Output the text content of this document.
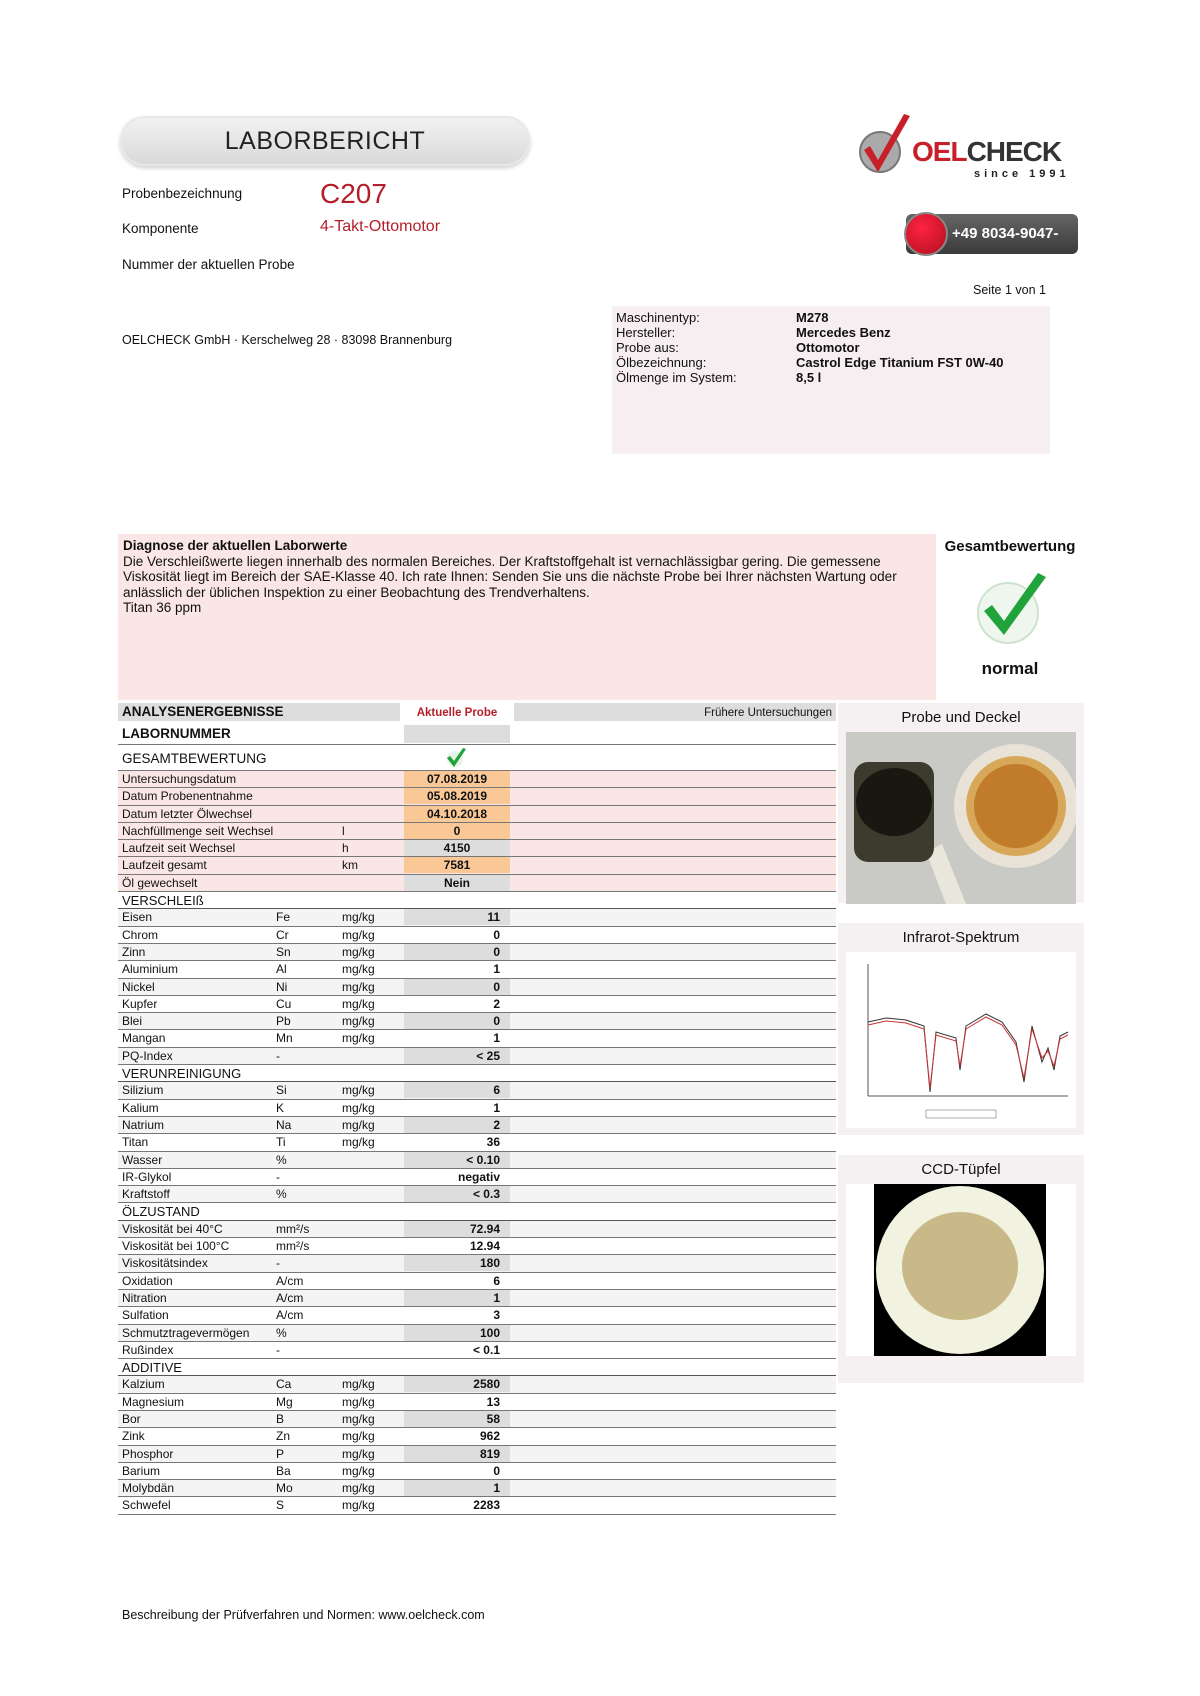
LABORBERICHT
Probenbezeichnung	C207
Komponente	4-Takt-Ottomotor
Nummer der aktuellen Probe
OELCHECK GmbH · Kerschelweg 28 · 83098 Brannenburg
Seite 1 von 1
OELCHECK
since 1991
+49 8034-9047-210
Maschinentyp:	M278
Hersteller:	Mercedes Benz
Probe aus:	Ottomotor
Ölbezeichnung:	Castrol Edge Titanium FST 0W-40
Ölmenge im System:	8,5 l
Diagnose der aktuellen Laborwerte
Die Verschleißwerte liegen innerhalb des normalen Bereiches. Der Kraftstoffgehalt ist vernachlässigbar gering. Die gemessene Viskosität liegt im Bereich der SAE-Klasse 40. Ich rate Ihnen: Senden Sie uns die nächste Probe bei Ihrer nächsten Wartung oder anlässlich der üblichen Inspektion zu einer Beobachtung des Trendverhaltens.
Titan 36 ppm
Gesamtbewertung
normal
ANALYSENERGEBNISSE	Aktuelle Probe	Frühere Untersuchungen
LABORNUMMER
GESAMTBEWERTUNG
Untersuchungsdatum	07.08.2019
Datum Probenentnahme	05.08.2019
Datum letzter Ölwechsel	04.10.2018
Nachfüllmenge seit Wechsel	l	0
Laufzeit seit Wechsel	h	4150
Laufzeit gesamt	km	7581
Öl gewechselt	Nein
VERSCHLEIß
Eisen	Fe	mg/kg	11
Chrom	Cr	mg/kg	0
Zinn	Sn	mg/kg	0
Aluminium	Al	mg/kg	1
Nickel	Ni	mg/kg	0
Kupfer	Cu	mg/kg	2
Blei	Pb	mg/kg	0
Mangan	Mn	mg/kg	1
PQ-Index	-	< 25
VERUNREINIGUNG
Silizium	Si	mg/kg	6
Kalium	K	mg/kg	1
Natrium	Na	mg/kg	2
Titan	Ti	mg/kg	36
Wasser	%	< 0.10
IR-Glykol	-	negativ
Kraftstoff	%	< 0.3
ÖLZUSTAND
Viskosität bei 40°C	mm²/s	72.94
Viskosität bei 100°C	mm²/s	12.94
Viskositätsindex	-	180
Oxidation	A/cm	6
Nitration	A/cm	1
Sulfation	A/cm	3
Schmutztragevermögen %	100
Rußindex	-	< 0.1
ADDITIVE
Kalzium	Ca	mg/kg	2580
Magnesium	Mg	mg/kg	13
Bor	B	mg/kg	58
Zink	Zn	mg/kg	962
Phosphor	P	mg/kg	819
Barium	Ba	mg/kg	0
Molybdän	Mo	mg/kg	1
Schwefel	S	mg/kg	2283
Probe und Deckel
Infrarot-Spektrum
CCD-Tüpfel
Beschreibung der Prüfverfahren und Normen: www.oelcheck.com
